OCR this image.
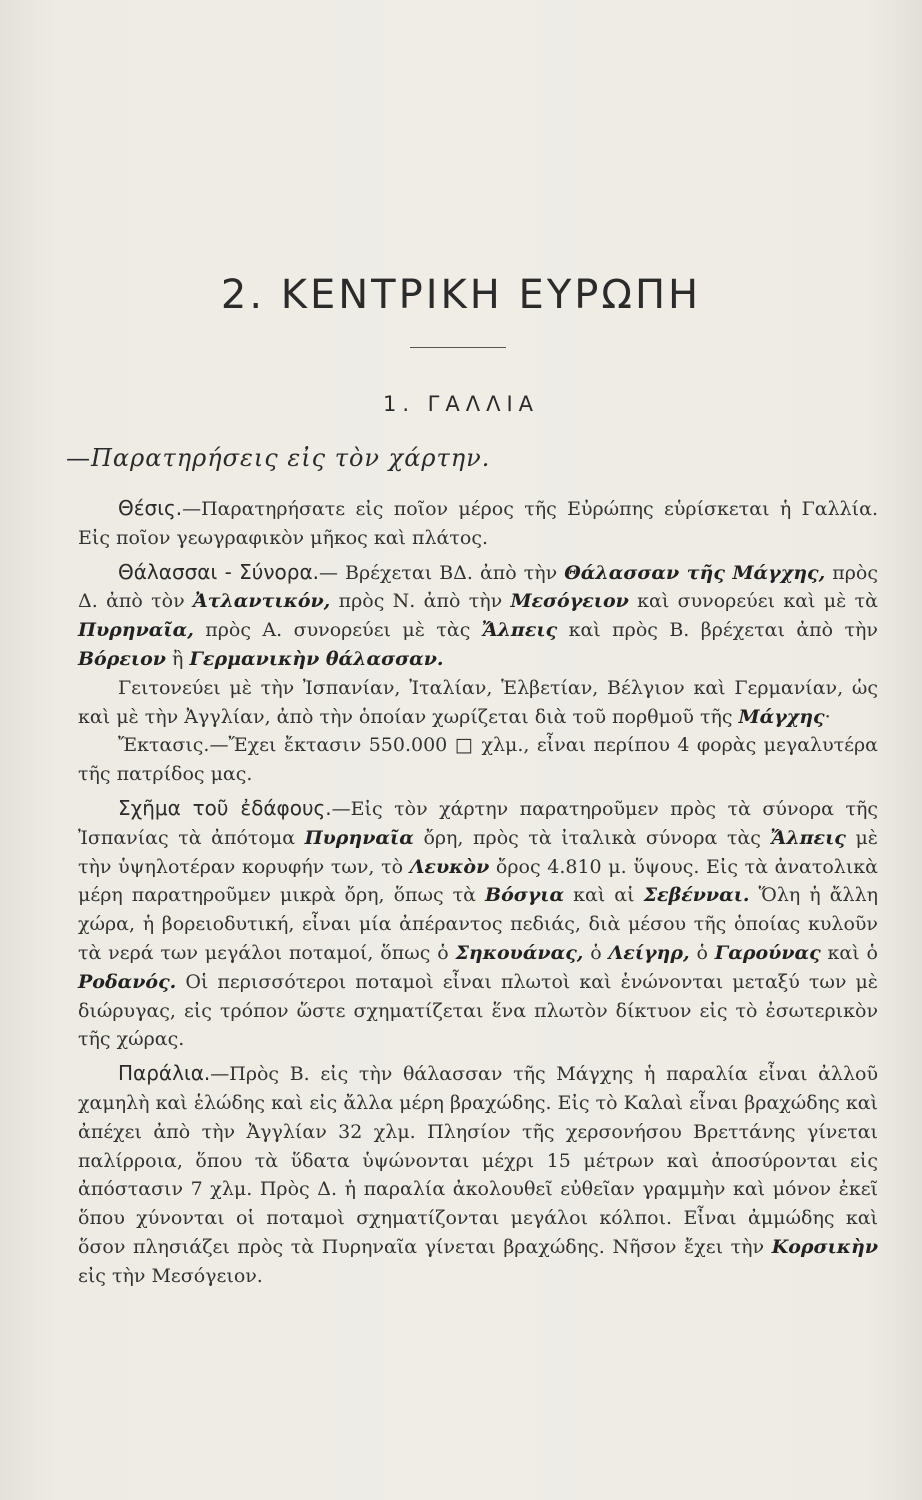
2. ΚΕΝΤΡΙΚΗ ΕΥΡΩΠΗ
1. ΓΑΛΛΙΑ
—Παρατηρήσεις εἰς τὸν χάρτην.

Θέσις.—Παρατηρήσατε εἰς ποῖον μέρος τῆς Εὐρώπης εὑρίσκεται ἡ Γαλλία. Εἰς ποῖον γεωγραφικὸν μῆκος καὶ πλάτος.

Θάλασσαι - Σύνορα.— Βρέχεται ΒΔ. ἀπὸ τὴν Θάλασσαν τῆς Μάγχης, πρὸς Δ. ἀπὸ τὸν Ἀτλαντικόν, πρὸς Ν. ἀπὸ τὴν Μεσόγειον καὶ συνορεύει καὶ μὲ τὰ Πυρηναῖα, πρὸς Α. συνορεύει μὲ τὰς Ἄλπεις καὶ πρὸς Β. βρέχεται ἀπὸ τὴν Βόρειον ἢ Γερμανικὴν θάλασσαν.

Γειτονεύει μὲ τὴν Ἰσπανίαν, Ἰταλίαν, Ἑλβετίαν, Βέλγιον καὶ Γερμανίαν, ὡς καὶ μὲ τὴν Ἀγγλίαν, ἀπὸ τὴν ὁποίαν χωρίζεται διὰ τοῦ πορθμοῦ τῆς Μάγχης·

Ἔκτασις.—Ἔχει ἔκτασιν 550.000 □ χλμ., εἶναι περίπου 4 φορὰς μεγαλυτέρα τῆς πατρίδος μας.

Σχῆμα τοῦ ἐδάφους.—Εἰς τὸν χάρτην παρατηροῦμεν πρὸς τὰ σύνορα τῆς Ἰσπανίας τὰ ἀπότομα Πυρηναῖα ὄρη, πρὸς τὰ ἰταλικὰ σύνορα τὰς Ἄλπεις μὲ τὴν ὑψηλοτέραν κορυφήν των, τὸ Λευκὸν ὄρος 4.810 μ. ὕψους. Εἰς τὰ ἀνατολικὰ μέρη παρατηροῦμεν μικρὰ ὄρη, ὅπως τὰ Βόσγια καὶ αἱ Σεβένναι. Ὅλη ἡ ἄλλη χώρα, ἡ βορειοδυτική, εἶναι μία ἀπέραντος πεδιάς, διὰ μέσου τῆς ὁποίας κυλοῦν τὰ νερά των μεγάλοι ποταμοί, ὅπως ὁ Σηκουάνας, ὁ Λείγηρ, ὁ Γαρούνας καὶ ὁ Ροδανός. Οἱ περισσότεροι ποταμοὶ εἶναι πλωτοὶ καὶ ἑνώνονται μεταξύ των μὲ διώρυγας, εἰς τρόπον ὥστε σχηματίζεται ἕνα πλωτὸν δίκτυον εἰς τὸ ἐσωτερικὸν τῆς χώρας.

Παράλια.—Πρὸς Β. εἰς τὴν θάλασσαν τῆς Μάγχης ἡ παραλία εἶναι ἀλλοῦ χαμηλὴ καὶ ἑλώδης καὶ εἰς ἄλλα μέρη βραχώδης. Εἰς τὸ Καλαὶ εἶναι βραχώδης καὶ ἀπέχει ἀπὸ τὴν Ἀγγλίαν 32 χλμ. Πλησίον τῆς χερσονήσου Βρεττάνης γίνεται παλίρροια, ὅπου τὰ ὕδατα ὑψώνονται μέχρι 15 μέτρων καὶ ἀποσύρονται εἰς ἀπόστασιν 7 χλμ. Πρὸς Δ. ἡ παραλία ἀκολουθεῖ εὐθεῖαν γραμμὴν καὶ μόνον ἐκεῖ ὅπου χύνονται οἱ ποταμοὶ σχηματίζονται μεγάλοι κόλποι. Εἶναι ἀμμώδης καὶ ὅσον πλησιάζει πρὸς τὰ Πυρηναῖα γίνεται βραχώδης. Νῆσον ἔχει τὴν Κορσικὴν εἰς τὴν Μεσόγειον.
